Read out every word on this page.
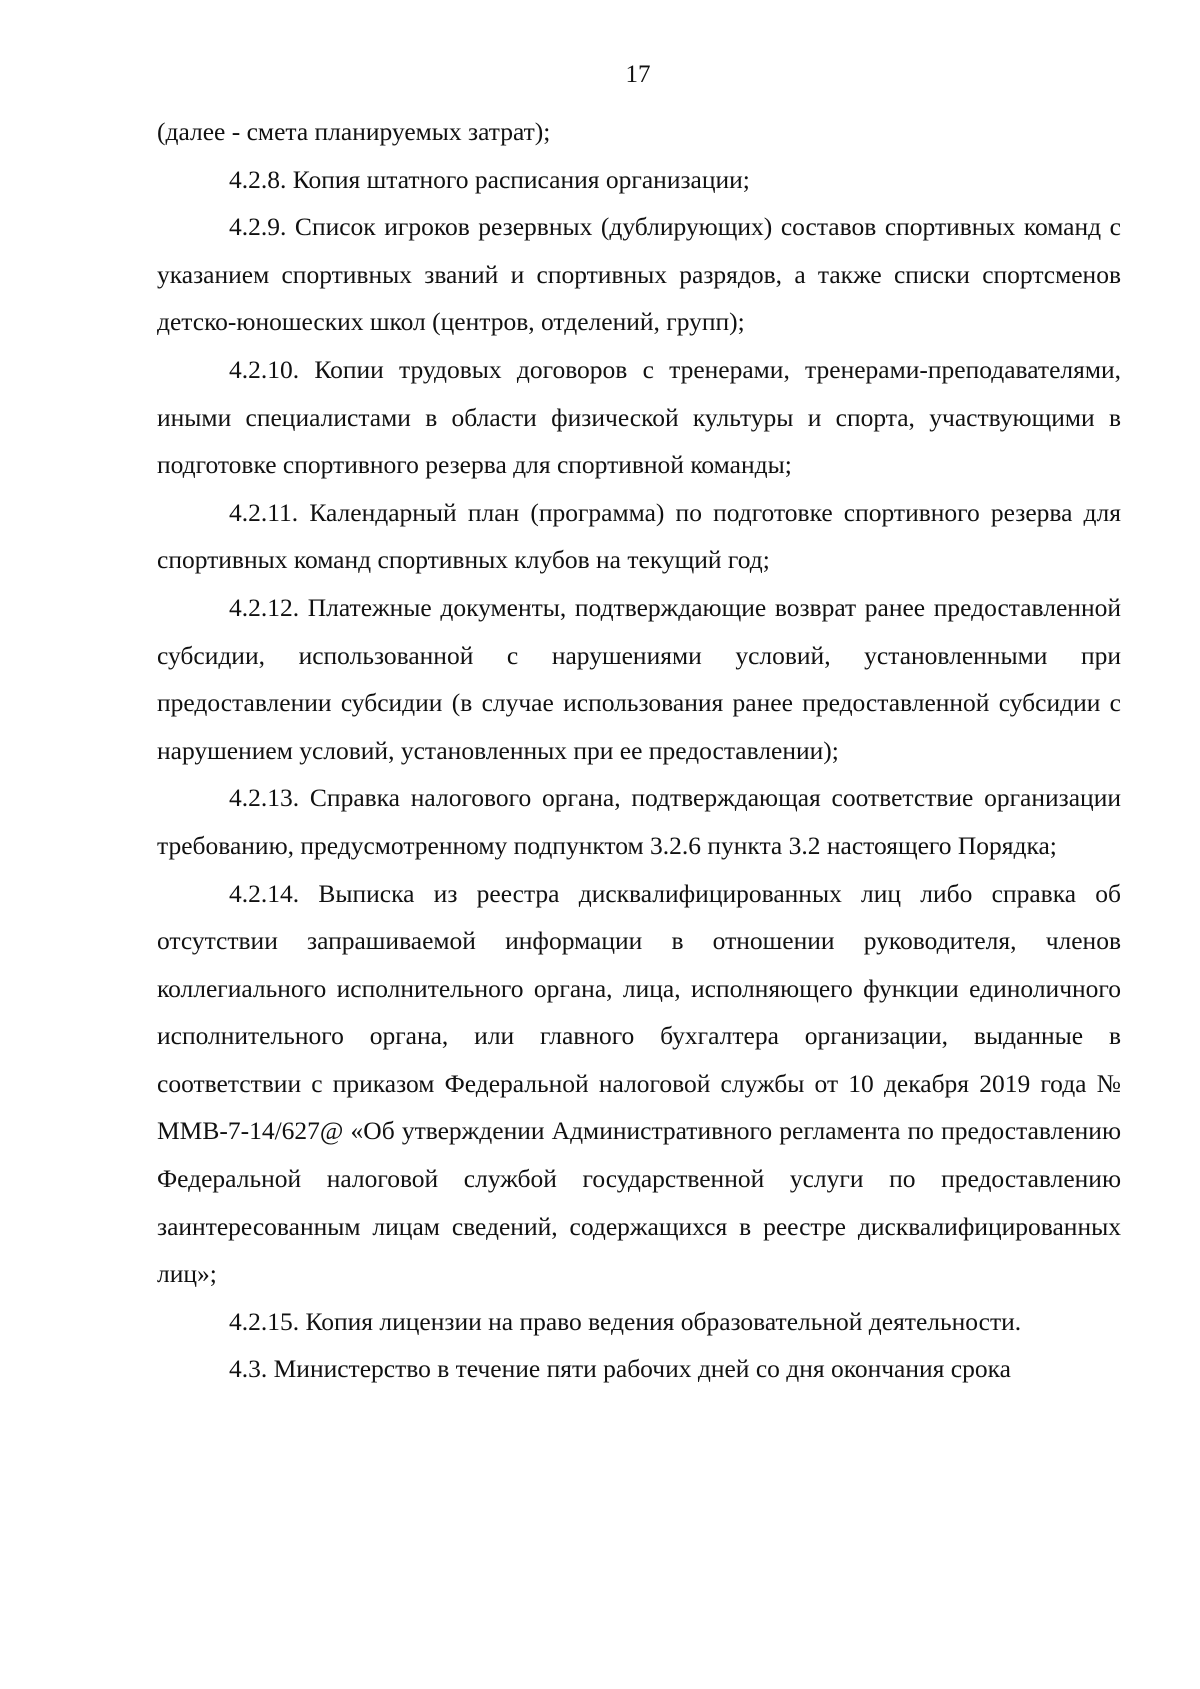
17

(далее - смета планируемых затрат);

4.2.8. Копия штатного расписания организации;

4.2.9. Список игроков резервных (дублирующих) составов спортивных команд с указанием спортивных званий и спортивных разрядов, а также списки спортсменов детско-юношеских школ (центров, отделений, групп);

4.2.10. Копии трудовых договоров с тренерами, тренерами-преподавателями, иными специалистами в области физической культуры и спорта, участвующими в подготовке спортивного резерва для спортивной команды;

4.2.11. Календарный план (программа) по подготовке спортивного резерва для спортивных команд спортивных клубов на текущий год;

4.2.12. Платежные документы, подтверждающие возврат ранее предоставленной субсидии, использованной с нарушениями условий, установленными при предоставлении субсидии (в случае использования ранее предоставленной субсидии с нарушением условий, установленных при ее предоставлении);

4.2.13. Справка налогового органа, подтверждающая соответствие организации требованию, предусмотренному подпунктом 3.2.6 пункта 3.2 настоящего Порядка;

4.2.14. Выписка из реестра дисквалифицированных лиц либо справка об отсутствии запрашиваемой информации в отношении руководителя, членов коллегиального исполнительного органа, лица, исполняющего функции единоличного исполнительного органа, или главного бухгалтера организации, выданные в соответствии с приказом Федеральной налоговой службы от 10 декабря 2019 года № ММВ-7-14/627@ «Об утверждении Административного регламента по предоставлению Федеральной налоговой службой государственной услуги по предоставлению заинтересованным лицам сведений, содержащихся в реестре дисквалифицированных лиц»;

4.2.15. Копия лицензии на право ведения образовательной деятельности.

4.3. Министерство в течение пяти рабочих дней со дня окончания срока
